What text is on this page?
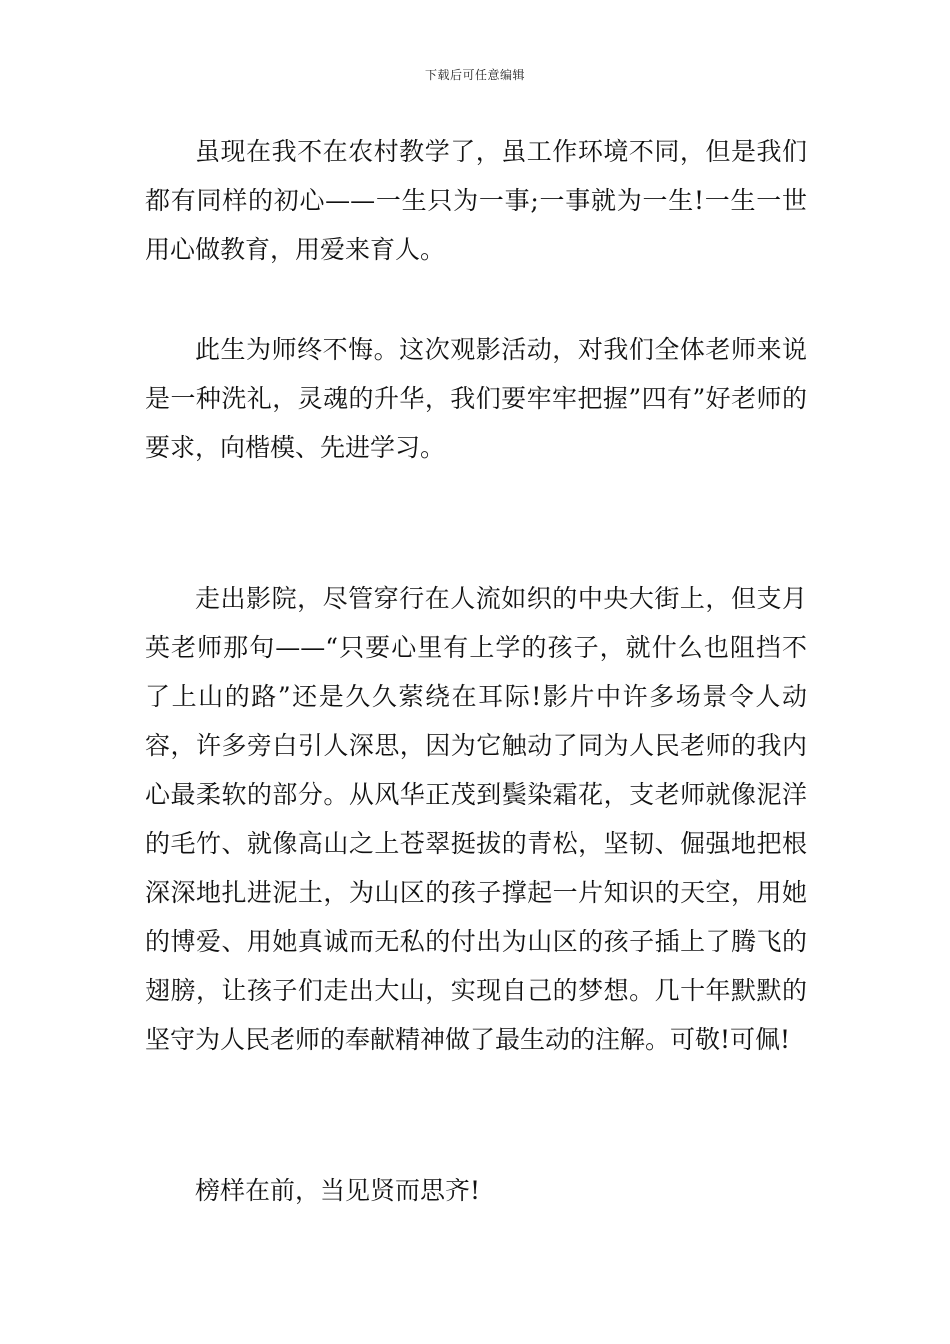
下载后可任意编辑

虽现在我不在农村教学了，虽工作环境不同，但是我们都有同样的初心——一生只为一事;一事就为一生!一生一世用心做教育，用爱来育人。

此生为师终不悔。这次观影活动，对我们全体老师来说是一种洗礼，灵魂的升华，我们要牢牢把握”四有”好老师的要求，向楷模、先进学习。

走出影院，尽管穿行在人流如织的中央大街上，但支月英老师那句——“只要心里有上学的孩子，就什么也阻挡不了上山的路”还是久久萦绕在耳际!影片中许多场景令人动容，许多旁白引人深思，因为它触动了同为人民老师的我内心最柔软的部分。从风华正茂到鬓染霜花，支老师就像泥洋的毛竹、就像高山之上苍翠挺拔的青松，坚韧、倔强地把根深深地扎进泥土，为山区的孩子撑起一片知识的天空，用她的博爱、用她真诚而无私的付出为山区的孩子插上了腾飞的翅膀，让孩子们走出大山，实现自己的梦想。几十年默默的坚守为人民老师的奉献精神做了最生动的注解。可敬!可佩!

榜样在前，当见贤而思齐!
